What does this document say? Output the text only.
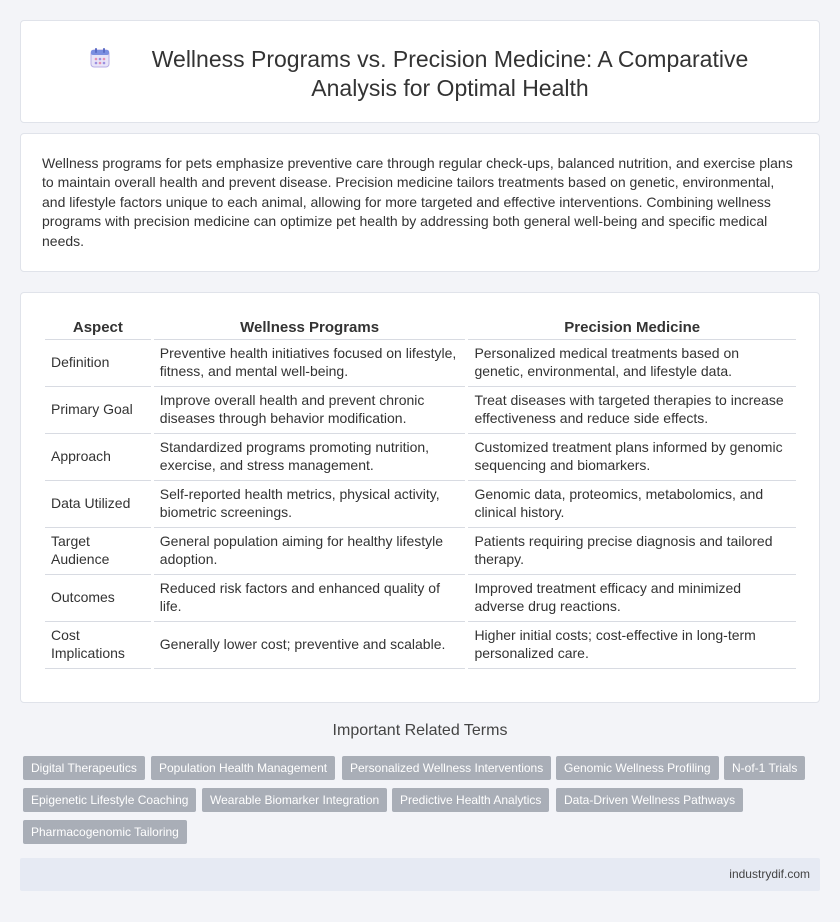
Wellness Programs vs. Precision Medicine: A Comparative Analysis for Optimal Health
Wellness programs for pets emphasize preventive care through regular check-ups, balanced nutrition, and exercise plans to maintain overall health and prevent disease. Precision medicine tailors treatments based on genetic, environmental, and lifestyle factors unique to each animal, allowing for more targeted and effective interventions. Combining wellness programs with precision medicine can optimize pet health by addressing both general well-being and specific medical needs.
Aspect	Wellness Programs	Precision Medicine
Definition	Preventive health initiatives focused on lifestyle, fitness, and mental well-being.	Personalized medical treatments based on genetic, environmental, and lifestyle data.
Primary Goal	Improve overall health and prevent chronic diseases through behavior modification.	Treat diseases with targeted therapies to increase effectiveness and reduce side effects.
Approach	Standardized programs promoting nutrition, exercise, and stress management.	Customized treatment plans informed by genomic sequencing and biomarkers.
Data Utilized	Self-reported health metrics, physical activity, biometric screenings.	Genomic data, proteomics, metabolomics, and clinical history.
Target Audience	General population aiming for healthy lifestyle adoption.	Patients requiring precise diagnosis and tailored therapy.
Outcomes	Reduced risk factors and enhanced quality of life.	Improved treatment efficacy and minimized adverse drug reactions.
Cost Implications	Generally lower cost; preventive and scalable.	Higher initial costs; cost-effective in long-term personalized care.
Important Related Terms
Digital Therapeutics	Population Health Management	Personalized Wellness Interventions	Genomic Wellness Profiling	N-of-1 Trials
Epigenetic Lifestyle Coaching	Wearable Biomarker Integration	Predictive Health Analytics	Data-Driven Wellness Pathways
Pharmacogenomic Tailoring
industrydif.com
